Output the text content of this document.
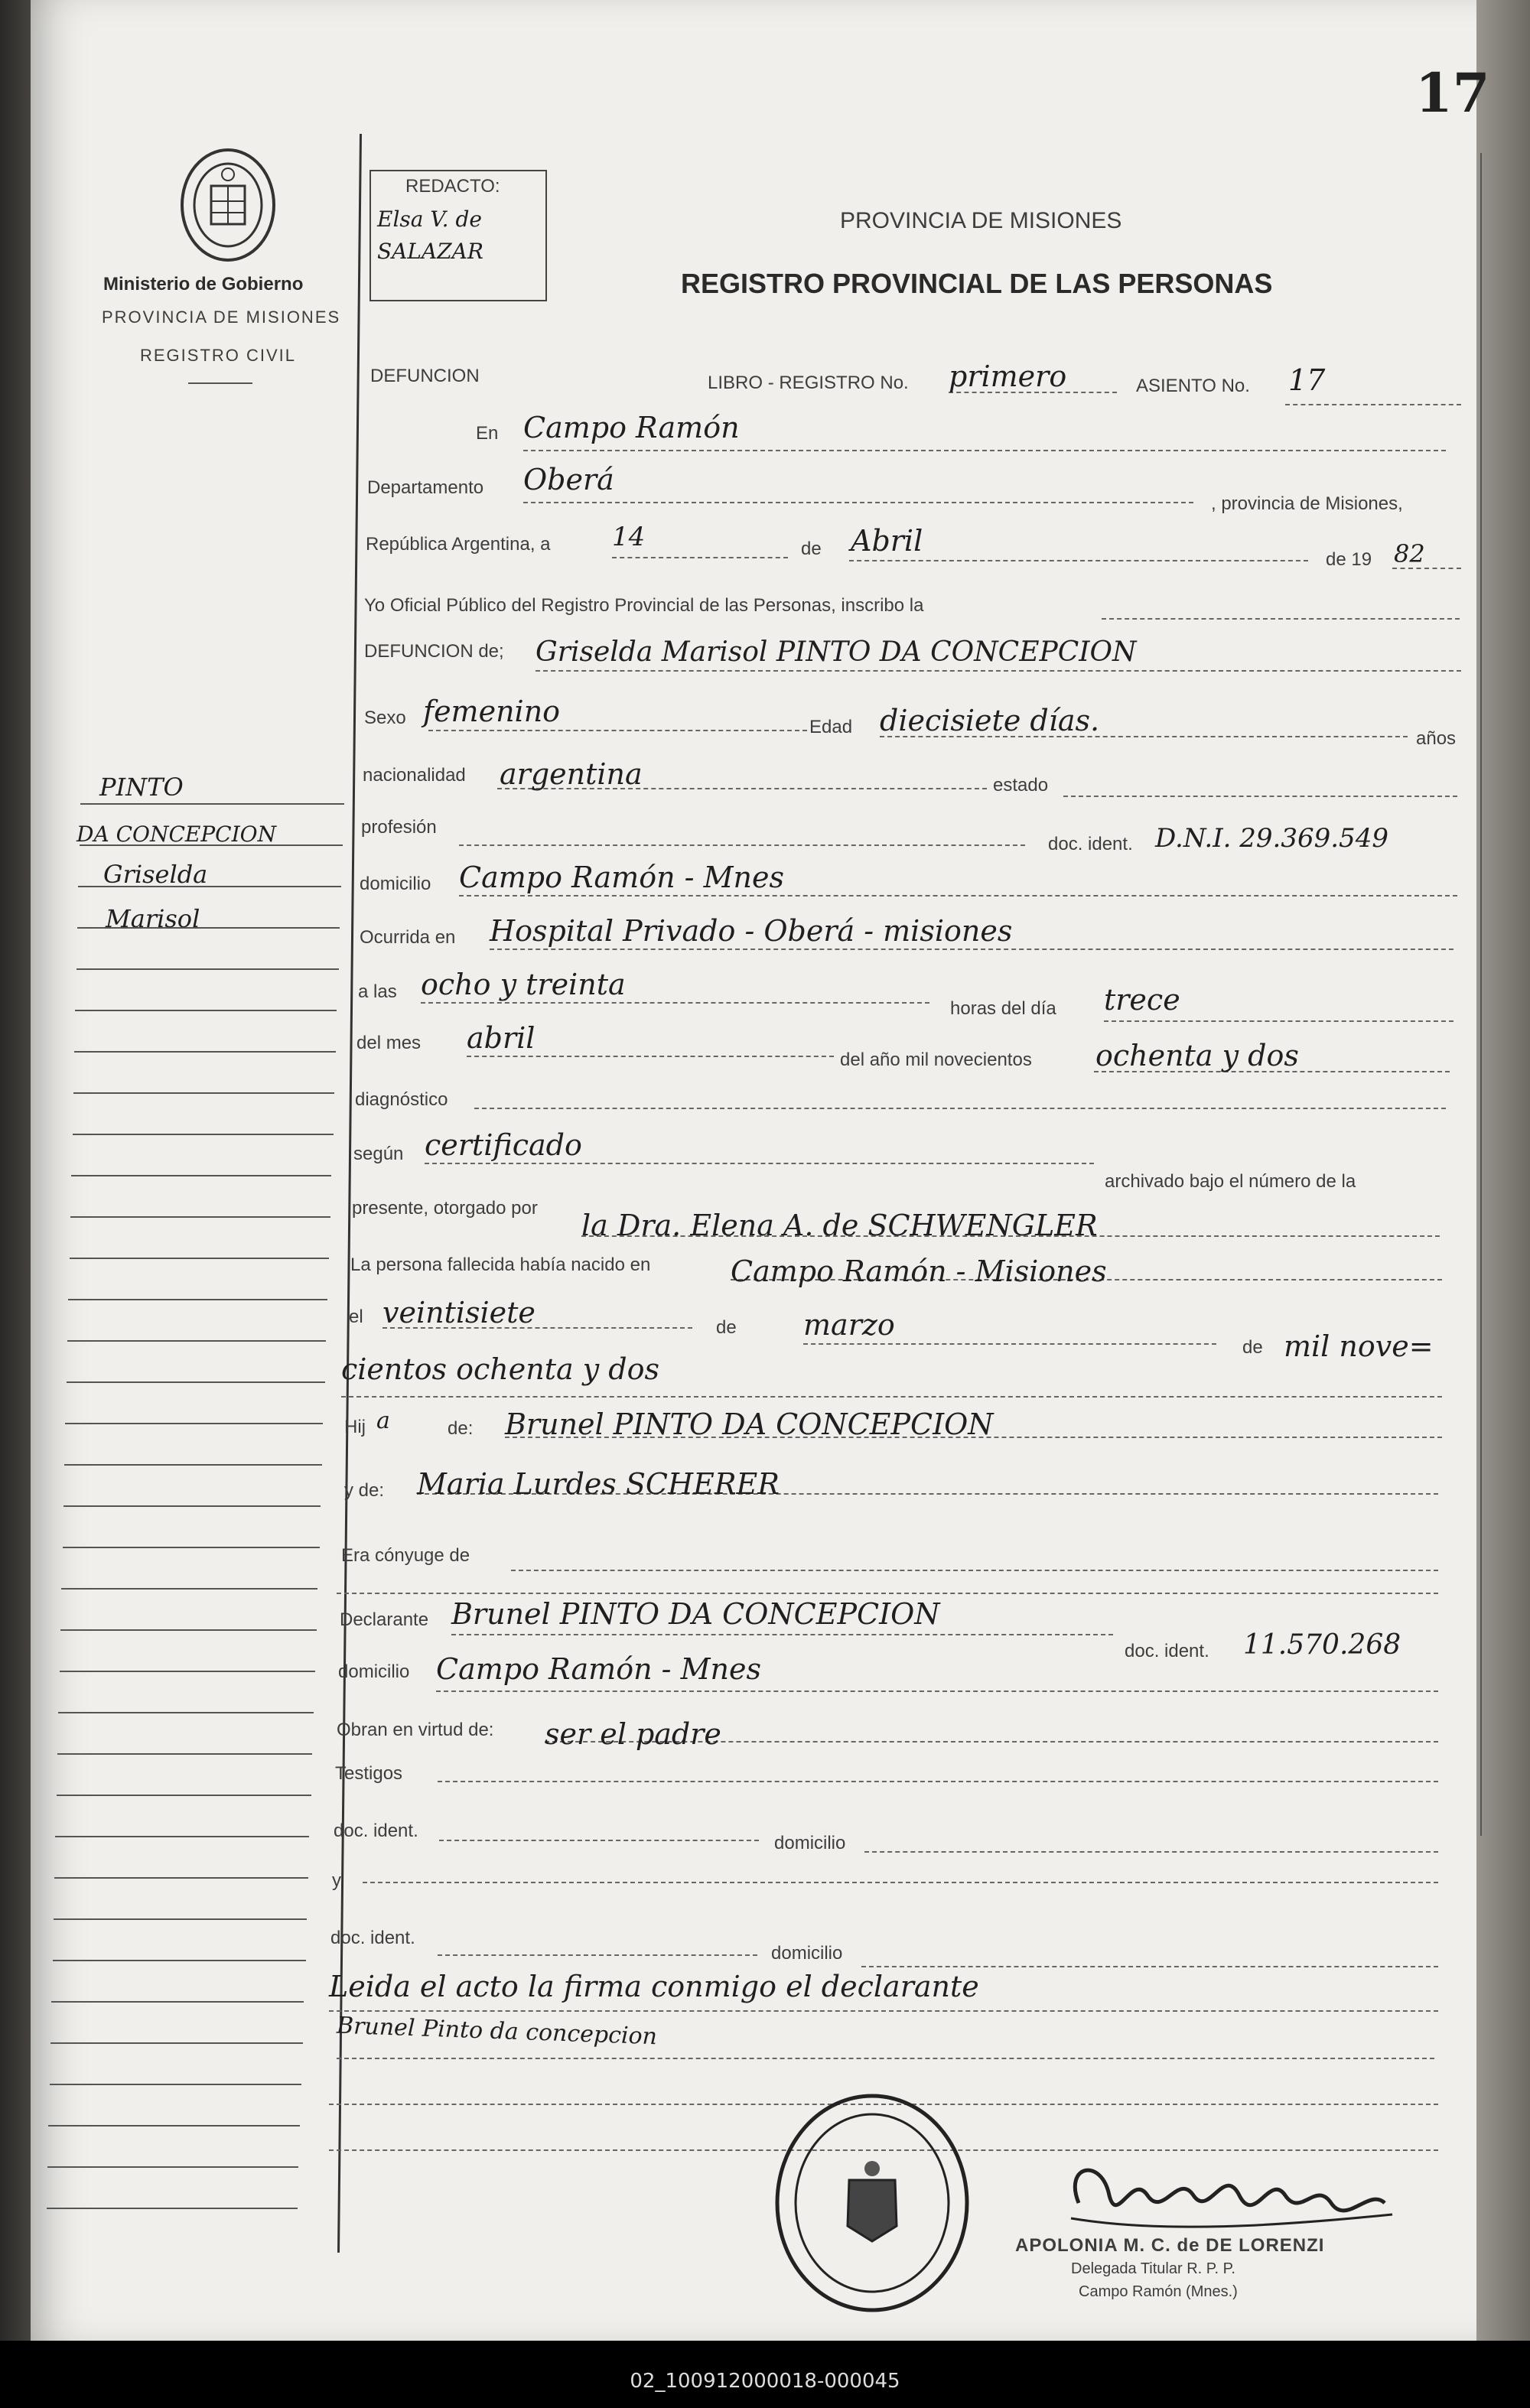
17
Ministerio de Gobierno
PROVINCIA DE MISIONES
REGISTRO CIVIL
REDACTO:
Elsa V. de
SALAZAR
PROVINCIA DE MISIONES
REGISTRO PROVINCIAL DE LAS PERSONAS
DEFUNCION	LIBRO - REGISTRO No. primero	ASIENTO No. 17
En Campo Ramón
Departamento Oberá
, provincia de Misiones,
República Argentina, a 14	de Abril
de 19 82
Yo Oficial Público del Registro Provincial de las Personas, inscribo la
DEFUNCION de; Griselda Marisol PINTO DA CONCEPCION
Sexo femenino	Edad diecisiete días.
años
nacionalidad argentina	estado
profesión
doc. ident. D.N.I. 29.369.549
domicilio Campo Ramón - Mnes
Ocurrida en Hospital Privado - Oberá - misiones
a las ocho y treinta
horas del día trece
del mes abril
del año mil novecientos ochenta y dos
diagnóstico
según certificado
archivado bajo el número de la
presente, otorgado por
la Dra. Elena A. de SCHWENGLER
La persona fallecida había nacido en	Campo Ramón - Misiones
el veintisiete	de marzo
de mil nove=
cientos ochenta y dos
Hij a	de: Brunel PINTO DA CONCEPCION
y de: Maria Lurdes SCHERER
Era cónyuge de
Declarante Brunel PINTO DA CONCEPCION
doc. ident. 11.570.268
domicilio Campo Ramón - Mnes
Obran en virtud de: ser el padre
Testigos
doc. ident.
domicilio
y
doc. ident.
domicilio
Leida el acto la firma conmigo el declarante
Brunel Pinto da concepcion
PINTO
DA CONCEPCION
Griselda
Marisol
APOLONIA M. C. de DE LORENZI
Delegada Titular R. P. P.
Campo Ramón (Mnes.)
02_100912000018-000045
